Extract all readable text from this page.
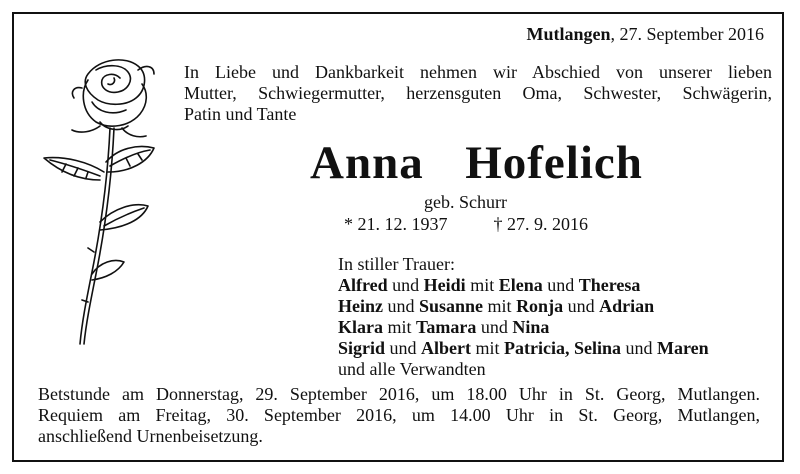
Mutlangen, 27. September 2016
In Liebe und Dankbarkeit nehmen wir Abschied von unserer lieben
Mutter, Schwiegermutter, herzensguten Oma, Schwester, Schwägerin,
Patin und Tante
Anna  Hofelich
geb. Schurr
* 21. 12. 1937	† 27. 9. 2016
In stiller Trauer:
Alfred und Heidi mit Elena und Theresa
Heinz und Susanne mit Ronja und Adrian
Klara mit Tamara und Nina
Sigrid und Albert mit Patricia, Selina und Maren
und alle Verwandten
Betstunde am Donnerstag, 29. September 2016, um 18.00 Uhr in St. Georg, Mutlangen.
Requiem am Freitag, 30. September 2016, um 14.00 Uhr in St. Georg, Mutlangen,
anschließend Urnenbeisetzung.
